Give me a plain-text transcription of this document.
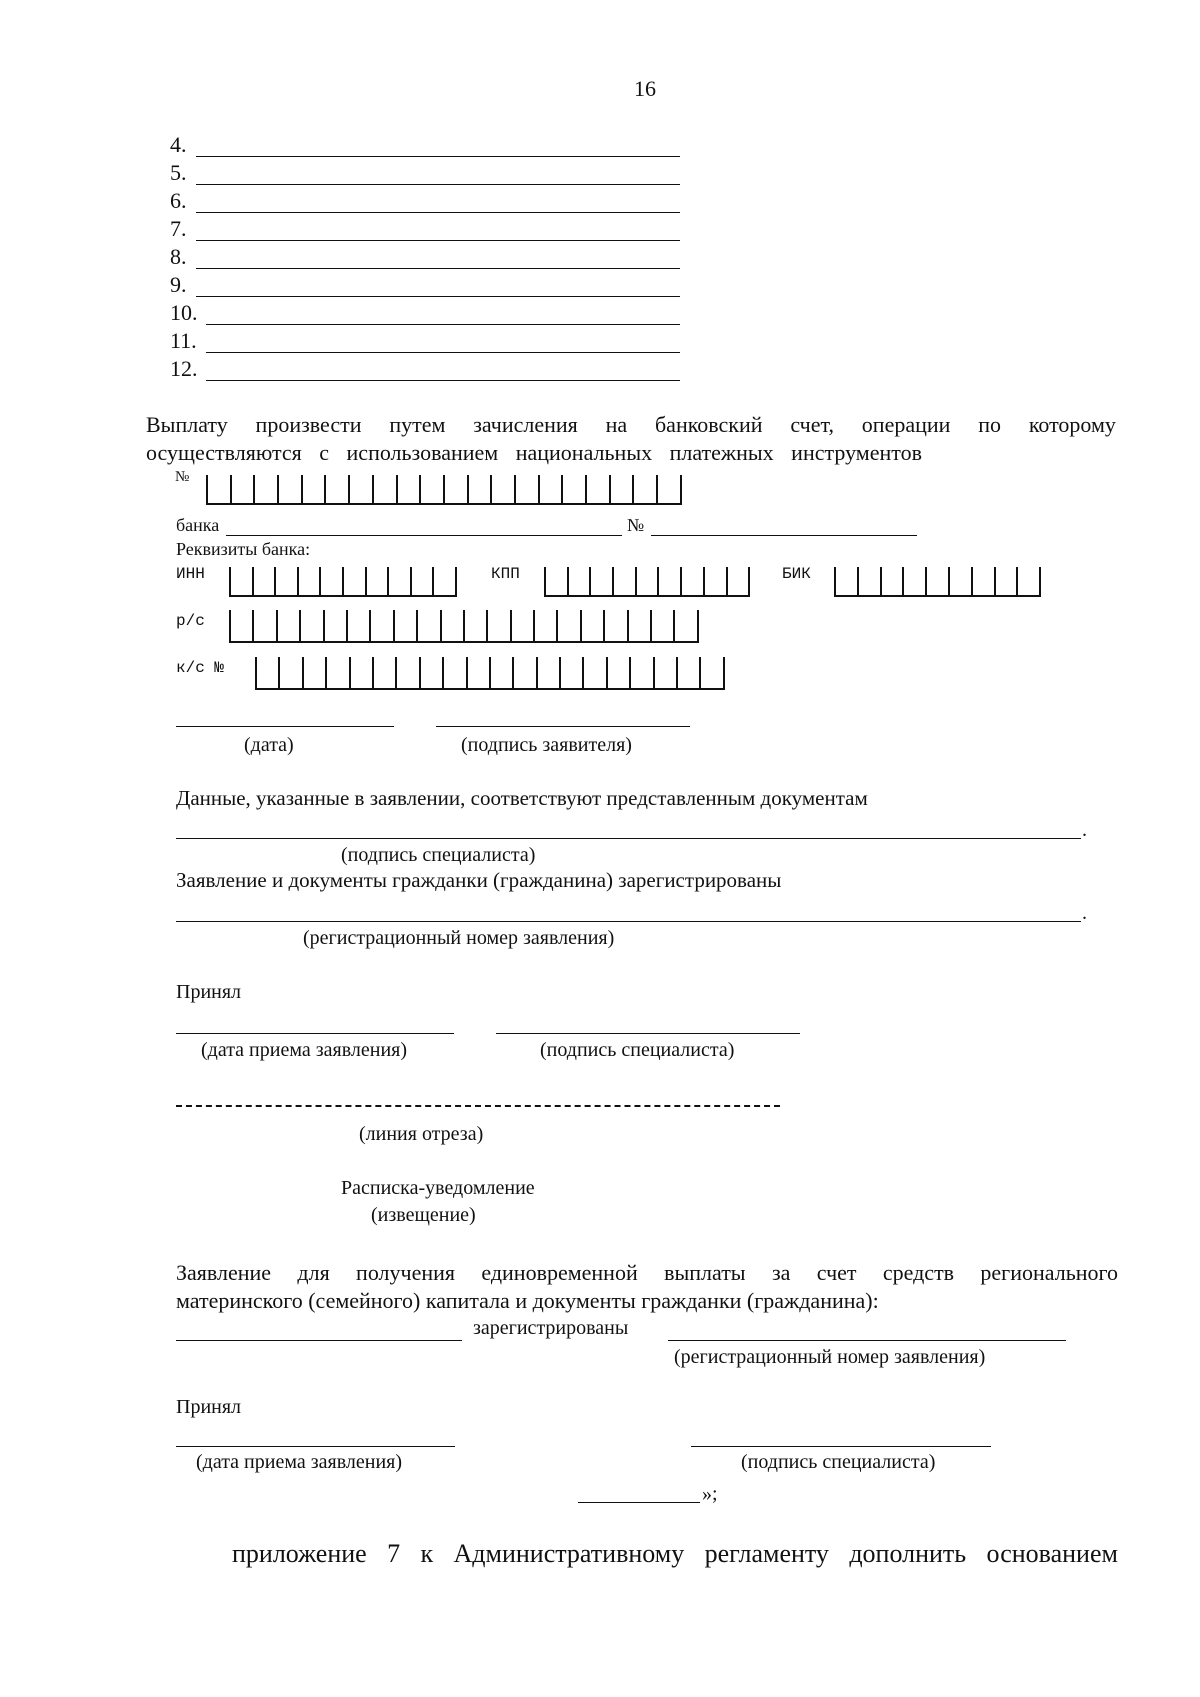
16
4.
5.
6.
7.
8.
9.
10.
11.
12.
Выплату произвести путем зачисления на банковский счет, операции по которому
осуществляются с использованием национальных платежных инструментов
№
банка	№
Реквизиты банка:
ИНН	КПП	БИК
р/с
к/с №
(дата)	(подпись заявителя)
Данные, указанные в заявлении, соответствуют представленным документам
.
(подпись специалиста)
Заявление и документы гражданки (гражданина) зарегистрированы
.
(регистрационный номер заявления)
Принял
(дата приема заявления)	(подпись специалиста)
(линия отреза)
Расписка-уведомление
(извещение)
Заявление для получения единовременной выплаты за счет средств регионального
материнского (семейного) капитала и документы гражданки (гражданина):
зарегистрированы
(регистрационный номер заявления)
Принял
(дата приема заявления)	(подпись специалиста)
»;
приложение 7 к Административному регламенту дополнить основанием
